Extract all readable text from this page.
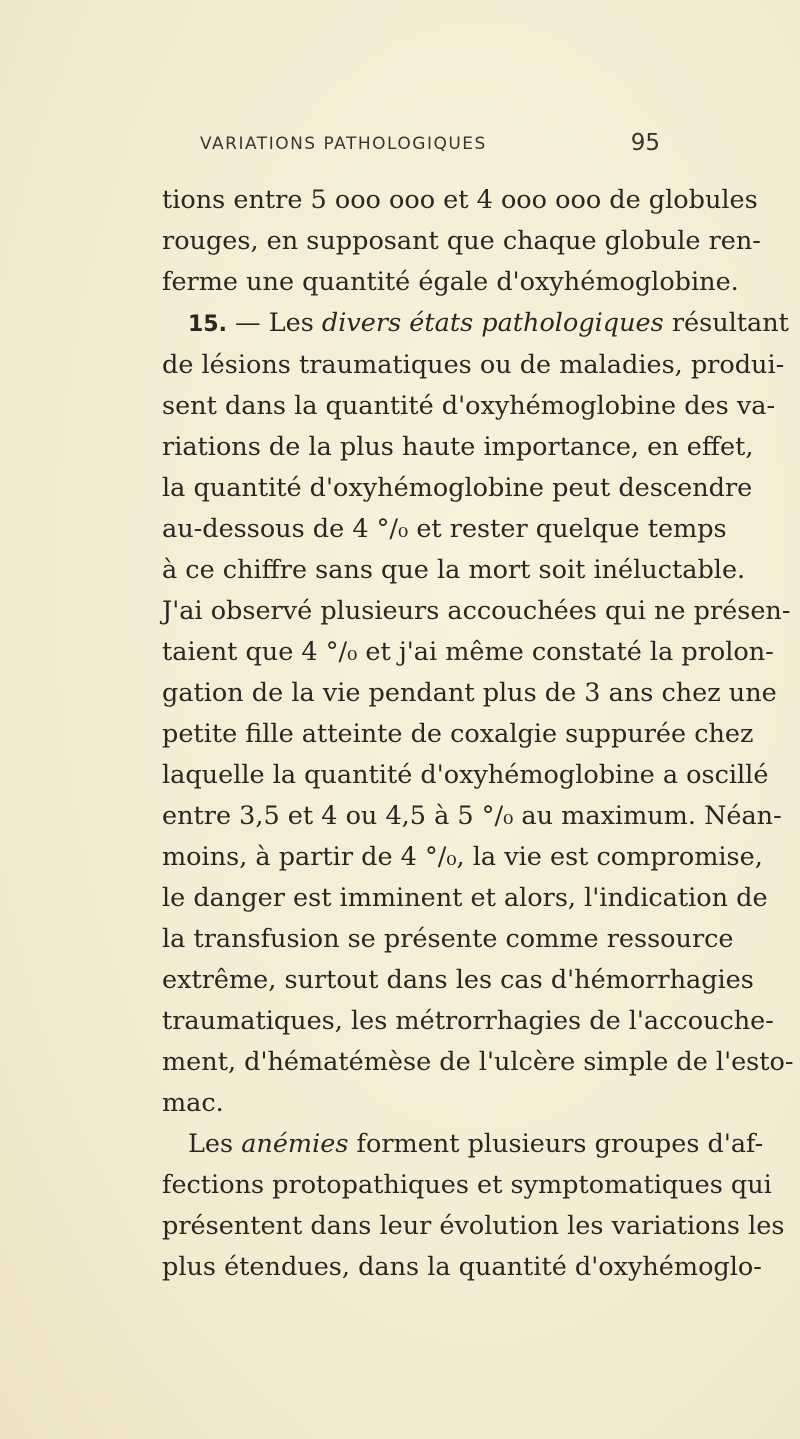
VARIATIONS PATHOLOGIQUES	95
tions entre 5 ooo ooo et 4 ooo ooo de globules
rouges, en supposant que chaque globule ren-
ferme une quantité égale d'oxyhémoglobine.
15. — Les divers états pathologiques résultant
de lésions traumatiques ou de maladies, produi-
sent dans la quantité d'oxyhémoglobine des va-
riations de la plus haute importance, en effet,
la quantité d'oxyhémoglobine peut descendre
au-dessous de 4 °/₀ et rester quelque temps
à ce chiffre sans que la mort soit inéluctable.
J'ai observé plusieurs accouchées qui ne présen-
taient que 4 °/₀ et j'ai même constaté la prolon-
gation de la vie pendant plus de 3 ans chez une
petite fille atteinte de coxalgie suppurée chez
laquelle la quantité d'oxyhémoglobine a oscillé
entre 3,5 et 4 ou 4,5 à 5 °/₀ au maximum. Néan-
moins, à partir de 4 °/₀, la vie est compromise,
le danger est imminent et alors, l'indication de
la transfusion se présente comme ressource
extrême, surtout dans les cas d'hémorrhagies
traumatiques, les métrorrhagies de l'accouche-
ment, d'hématémèse de l'ulcère simple de l'esto-
mac.
Les anémies forment plusieurs groupes d'af-
fections protopathiques et symptomatiques qui
présentent dans leur évolution les variations les
plus étendues, dans la quantité d'oxyhémoglo-
